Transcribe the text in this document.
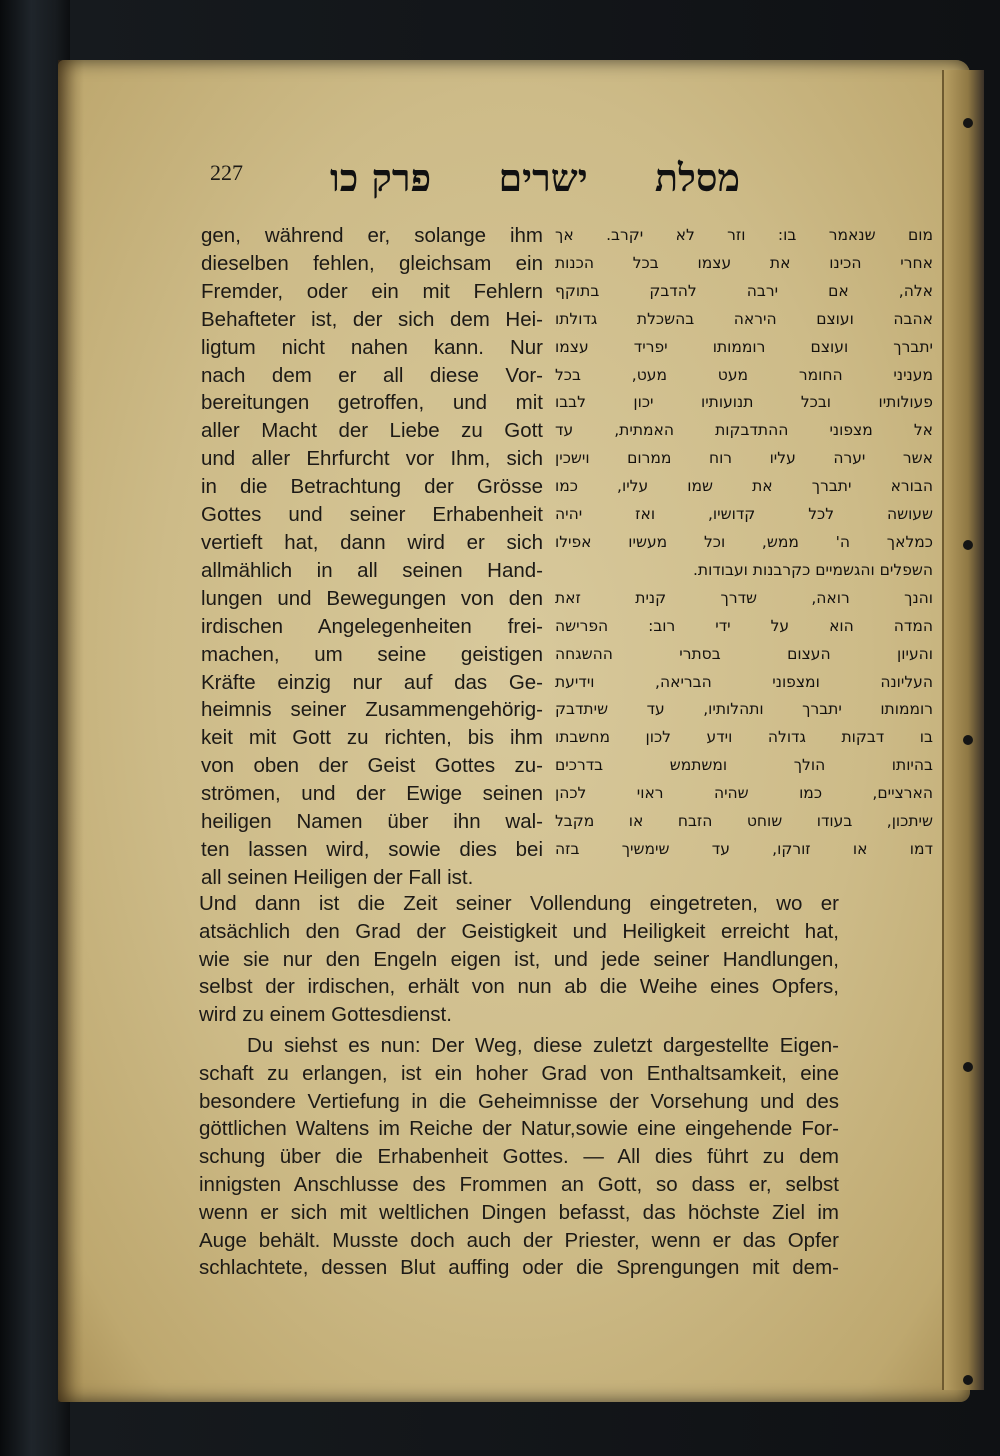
227	מסלת
ישרים
פרק כו
gen, während er, solange ihm
dieselben fehlen, gleichsam ein
Fremder, oder ein mit Fehlern
Behafteter ist, der sich dem Hei-
ligtum nicht nahen kann. Nur
nach dem er all diese Vor-
bereitungen getroffen, und mit
aller Macht der Liebe zu Gott
und aller Ehrfurcht vor Ihm, sich
in die Betrachtung der Grösse
Gottes und seiner Erhabenheit
vertieft hat, dann wird er sich
allmählich in all seinen Hand-
lungen und Bewegungen von den
irdischen Angelegenheiten frei-
machen, um seine geistigen
Kräfte einzig nur auf das Ge-
heimnis seiner Zusammengehörig-
keit mit Gott zu richten, bis ihm
von oben der Geist Gottes zu-
strömen, und der Ewige seinen
heiligen Namen über ihn wal-
ten lassen wird, sowie dies bei
all seinen Heiligen der Fall ist.
מום שנאמר בו: וזר לא יקרב. אך
אחרי הכינו את עצמו בכל הכנות
אלה, אם ירבה להדבק בתוקף
אהבה ועוצם היראה בהשכלת גדולתו
יתברך ועוצם רוממותו יפריד עצמו
מעניני החומר מעט מעט, בכל
פעולותיו ובכל תנועותיו יכון לבבו
אל מצפוני ההתדבקות האמתית, עד
אשר יערה עליו רוח ממרום וישכין
הבורא יתברך את שמו עליו, כמו
שעושה לכל קדושיו, ואז יהיה
כמלאך ה' ממש, וכל מעשיו אפילו
השפלים והגשמיים כקרבנות ועבודות.
והנך רואה, שדרך קנית זאת
המדה הוא על ידי רוב: הפרישה
והעיון העצום בסתרי ההשגחה
העליונה ומצפוני הבריאה, וידיעת
רוממותו יתברך ותהלותיו, עד שיתדבק
בו דבקות גדולה וידע לכון מחשבתו
בהיותו הולך ומשתמש בדרכים
הארציים, כמו שהיה ראוי לכהן
שיתכון, בעודו שוחט הזבח או מקבל
דמו או זורקו, עד שימשיך בזה
Und dann ist die Zeit seiner Vollendung eingetreten, wo er
atsächlich den Grad der Geistigkeit und Heiligkeit erreicht hat,
wie sie nur den Engeln eigen ist, und jede seiner Handlungen,
selbst der irdischen, erhält von nun ab die Weihe eines Opfers,
wird zu einem Gottesdienst.
Du siehst es nun: Der Weg, diese zuletzt dargestellte Eigen-
schaft zu erlangen, ist ein hoher Grad von Enthaltsamkeit, eine
besondere Vertiefung in die Geheimnisse der Vorsehung und des
göttlichen Waltens im Reiche der Natur,sowie eine eingehende For-
schung über die Erhabenheit Gottes. — All dies führt zu dem
innigsten Anschlusse des Frommen an Gott, so dass er, selbst
wenn er sich mit weltlichen Dingen befasst, das höchste Ziel im
Auge behält. Musste doch auch der Priester, wenn er das Opfer
schlachtete, dessen Blut auffing oder die Sprengungen mit dem-
